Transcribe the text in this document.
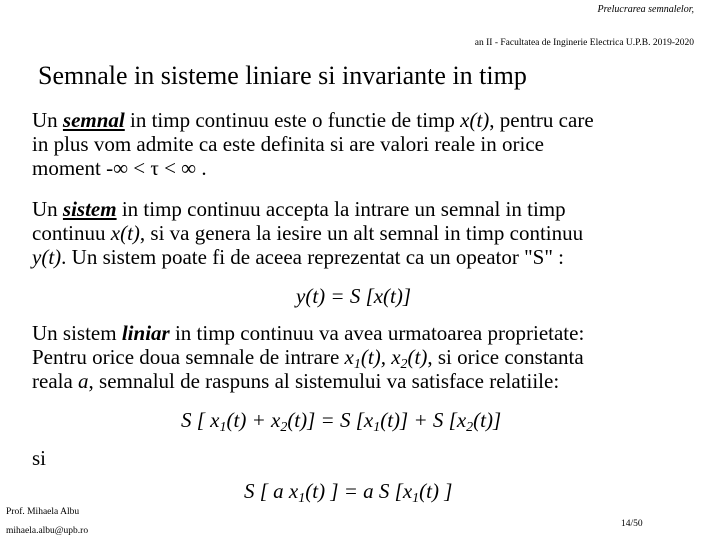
Prelucrarea semnalelor,
an II - Facultatea de Inginerie Electrica U.P.B. 2019-2020
Semnale in sisteme liniare si invariante in timp
Un semnal in timp continuu este o functie de timp x(t), pentru care
in plus vom admite ca este definita si are valori reale in orice
moment -∞ < τ < ∞ .
Un sistem in timp continuu accepta la intrare un semnal in timp
continuu x(t), si va genera la iesire un alt semnal in timp continuu
y(t). Un sistem poate fi de aceea reprezentat ca un opeator "S" :
y(t) = S [x(t)]
Un sistem liniar in timp continuu va avea urmatoarea proprietate:
Pentru orice doua semnale de intrare $x_1(t)$, $x_2(t)$, si orice constanta
reala a, semnalul de raspuns al sistemului va satisface relatiile:
S [ $x_1(t) + x_2(t)] = S$ $[x_1(t)] + S$ $[x_2(t)]$
si
S [ a $x_1(t)$ ] = a S [$x_1(t)$ ]
Prof. Mihaela Albu
mihaela.albu@upb.ro
14/50
